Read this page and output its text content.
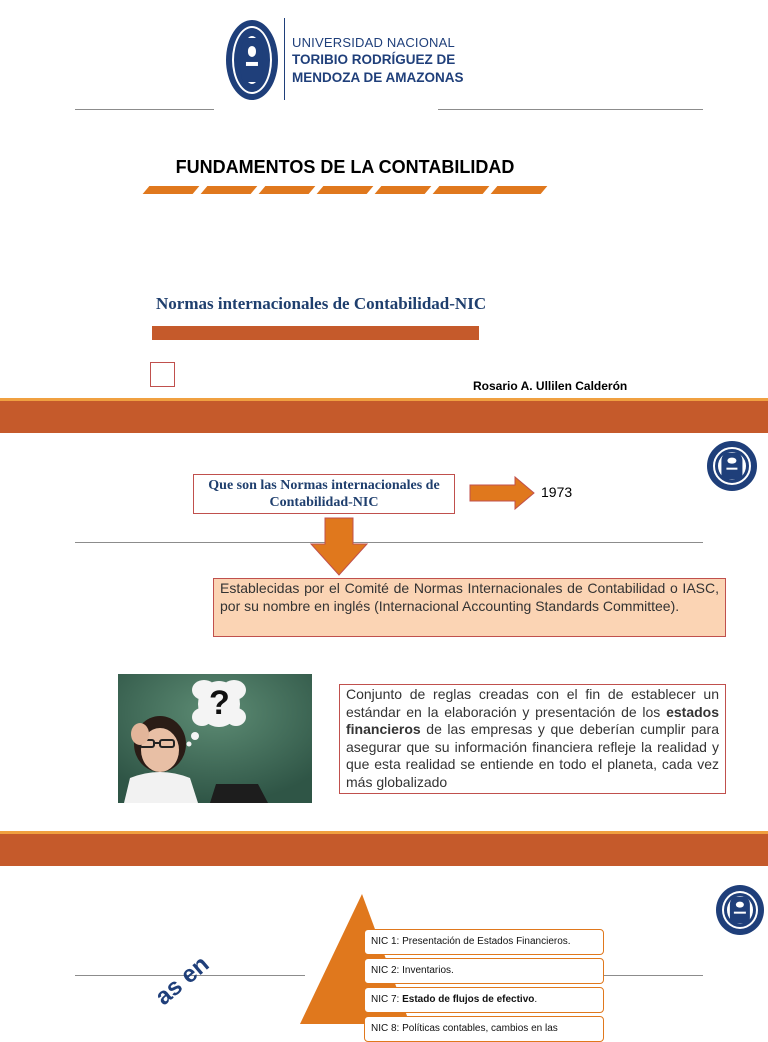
UNIVERSIDAD NACIONAL
TORIBIO RODRÍGUEZ DE
MENDOZA DE AMAZONAS
FUNDAMENTOS DE LA CONTABILIDAD
Normas internacionales de Contabilidad-NIC
Rosario A. Ullilen Calderón
Que son las Normas internacionales de Contabilidad-NIC
1973
Establecidas por el Comité de Normas Internacionales de Contabilidad o IASC, por su nombre en inglés (Internacional Accounting Standards Committee).
?	Conjunto de reglas creadas con el fin de establecer un estándar en la elaboración y presentación de los estados financieros de las empresas y que deberían cumplir para asegurar que su información financiera refleje la realidad y que esta realidad se entiende en todo el planeta, cada vez más globalizado
as en
NIC 1: Presentación de Estados Financieros.
NIC 2: Inventarios.
NIC 7: Estado de flujos de efectivo.
NIC 8: Políticas contables, cambios en las
